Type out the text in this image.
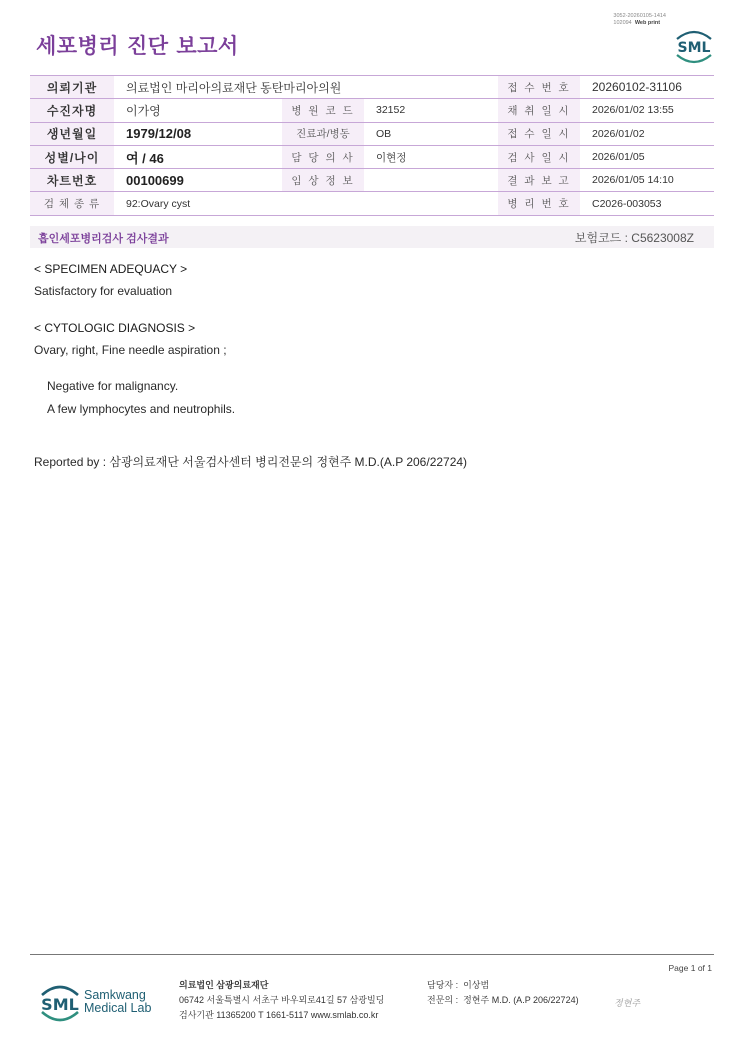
세포병리 진단 보고서
3052-20260105-1414
102094 Web print
SML
의뢰기관	의료법인 마리아의료재단 동탄마리아의원			접 수 번 호	20260102-31106
수진자명	이가영	병 원 코 드	32152	채 취 일 시	2026/01/02 13:55
생년월일	1979/12/08	진료과/병동	OB	접 수 일 시	2026/01/02
성별/나이	여 / 46	담 당 의 사	이현정	검 사 일 시	2026/01/05
차트번호	00100699	임 상 정 보		결 과 보 고	2026/01/05 14:10
검 체 종 류	92:Ovary cyst			병 리 번 호	C2026-003053
흡인세포병리검사 검사결과	보험코드 : C5623008Z
< SPECIMEN ADEQUACY >
Satisfactory for evaluation
< CYTOLOGIC DIAGNOSIS >
Ovary, right, Fine needle aspiration ;
Negative for malignancy.
A few lymphocytes and neutrophils.
Reported by : 삼광의료재단 서울검사센터 병리전문의 정현주 M.D.(A.P 206/22724)
Page 1 of 1
SML Samkwang
Medical Lab
의료법인 삼광의료재단
06742 서울특별시 서초구 바우뫼로41길 57 삼광빌딩
검사기관 11365200 T 1661-5117 www.smlab.co.kr
담당자 : 이상범
전문의 : 정현주 M.D. (A.P 206/22724)	정현주
